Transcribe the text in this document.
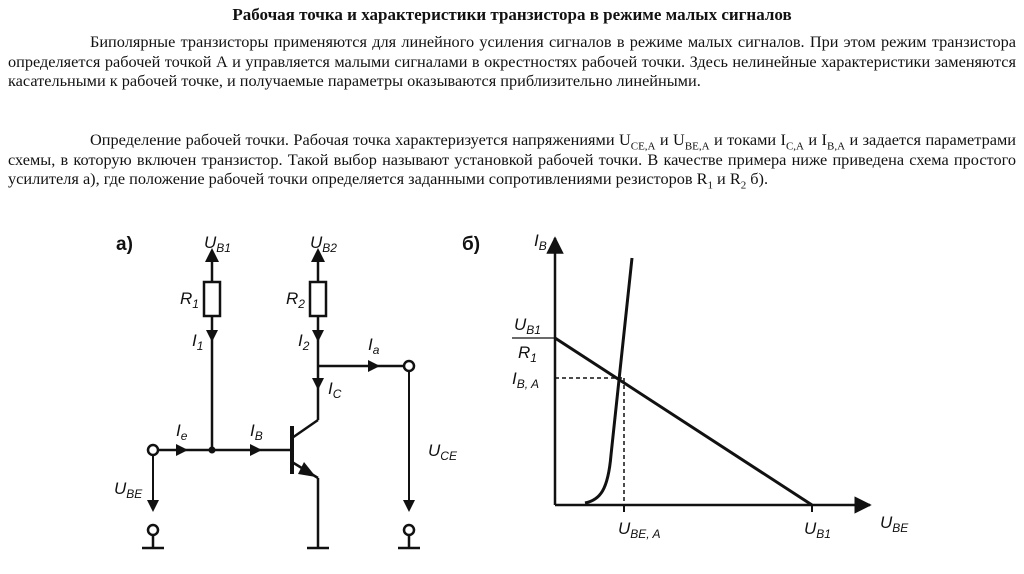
Рабочая точка и характеристики транзистора в режиме малых сигналов

Биполярные транзисторы применяются для линейного усиления сигналов в режиме малых сигналов. При этом режим транзистора определяется рабочей точкой А и управляется малыми сигналами в окрестностях рабочей точки. Здесь нелинейные характеристики заменяются касательными к рабочей точке, и получаемые параметры оказываются приблизительно линейными.

Определение рабочей точки. Рабочая точка характеризуется напряжениями $U_{CE,A}$ и $U_{BE,A}$ и токами $I_{C,A}$ и $I_{B,A}$ и задается параметрами схемы, в которую включен транзистор. Такой выбор называют установкой рабочей точки. В качестве примера ниже приведена схема простого усилителя а), где положение рабочей точки определяется заданными сопротивлениями резисторов $R_1$ и $R_2$ б).

а)	$U_{B1}$	$U_{B2}$
$R_1$	$R_2$
$I_1$	$I_2$	$I_a$
$I_C$
$I_e$	$I_B$
$U_{BE}$
$U_{CE}$
б)	$I_B$
$U_{BE}$
$U_{B1}$
$R_1$
$I_{B, A}$
$U_{BE, A}$	$U_{B1}$
